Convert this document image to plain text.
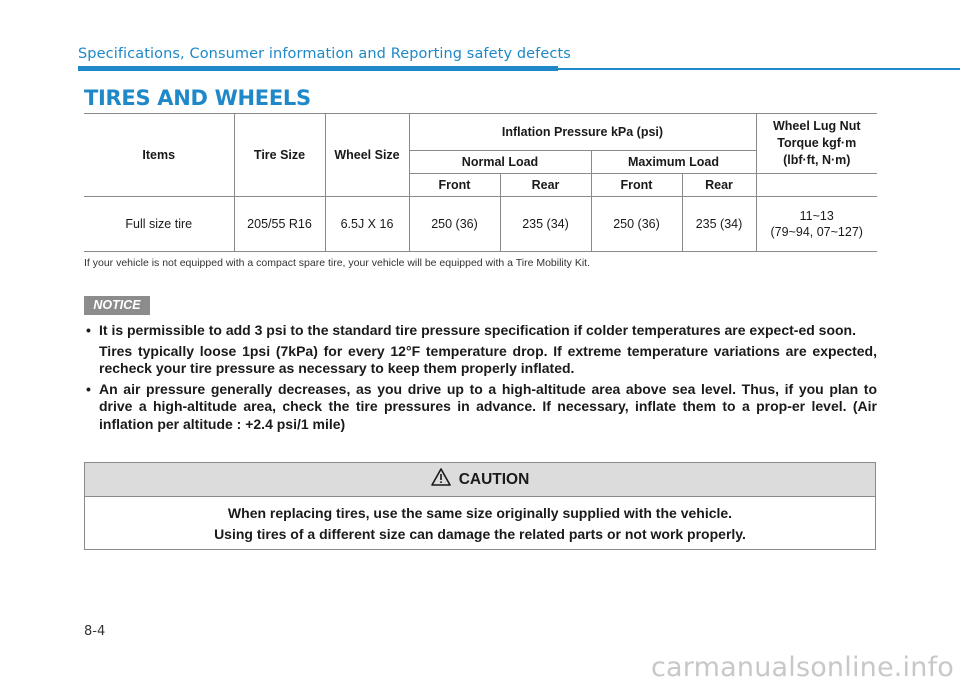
Specifications, Consumer information and Reporting safety defects
TIRES AND WHEELS
Items	Tire Size	Wheel Size	Inflation Pressure kPa (psi)				Wheel Lug Nut
Torque kgf·m
(lbf·ft, N·m)

			Normal Load		Maximum Load		
			Front	Rear	Front	Rear	
Full size tire	205/55 R16	6.5J X 16	250 (36)	235 (34)	250 (36)	235 (34)	11~13
(79~94, 07~127)
If your vehicle is not equipped with a compact spare tire, your vehicle will be equipped with a Tire Mobility Kit.
NOTICE
• It is permissible to add 3 psi to the standard tire pressure specification if colder temperatures are expect-ed soon.
Tires typically loose 1psi (7kPa) for every 12°F temperature drop. If extreme temperature variations are expected, recheck your tire pressure as necessary to keep them properly inflated.
• An air pressure generally decreases, as you drive up to a high-altitude area above sea level. Thus, if you plan to drive a high-altitude area, check the tire pressures in advance. If necessary, inflate them to a prop-er level. (Air inflation per altitude : +2.4 psi/1 mile)
CAUTION
When replacing tires, use the same size originally supplied with the vehicle.
Using tires of a different size can damage the related parts or not work properly.
8-4
carmanualsonline.info
